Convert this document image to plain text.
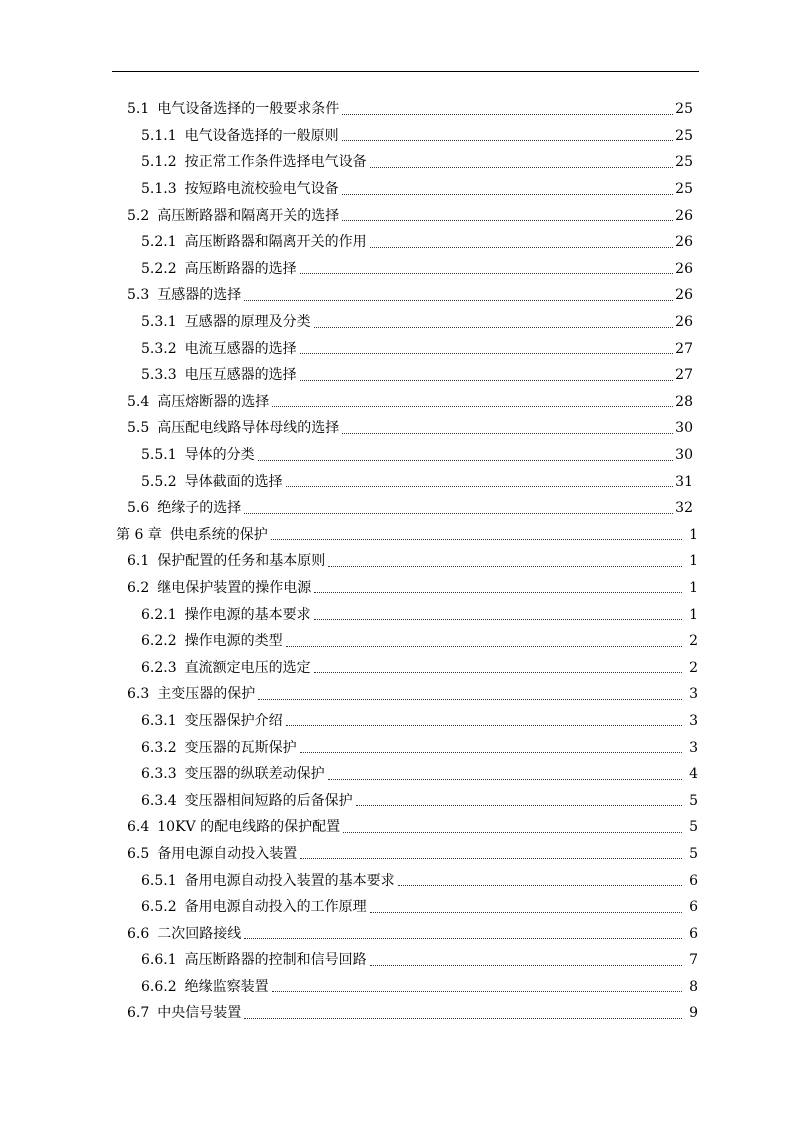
5.1 电气设备选择的一般要求条件	25
5.1.1 电气设备选择的一般原则	25
5.1.2 按正常工作条件选择电气设备	25
5.1.3 按短路电流校验电气设备	25
5.2 高压断路器和隔离开关的选择	26
5.2.1 高压断路器和隔离开关的作用	26
5.2.2 高压断路器的选择	26
5.3 互感器的选择	26
5.3.1 互感器的原理及分类	26
5.3.2 电流互感器的选择	27
5.3.3 电压互感器的选择	27
5.4 高压熔断器的选择	28
5.5 高压配电线路导体母线的选择	30
5.5.1 导体的分类	30
5.5.2 导体截面的选择	31
5.6 绝缘子的选择	32
第 6 章 供电系统的保护	1
6.1 保护配置的任务和基本原则	1
6.2 继电保护装置的操作电源	1
6.2.1 操作电源的基本要求	1
6.2.2 操作电源的类型	2
6.2.3 直流额定电压的选定	2
6.3 主变压器的保护	3
6.3.1 变压器保护介绍	3
6.3.2 变压器的瓦斯保护	3
6.3.3 变压器的纵联差动保护	4
6.3.4 变压器相间短路的后备保护	5
6.4 10KV 的配电线路的保护配置	5
6.5 备用电源自动投入装置	5
6.5.1 备用电源自动投入装置的基本要求	6
6.5.2 备用电源自动投入的工作原理	6
6.6 二次回路接线	6
6.6.1 高压断路器的控制和信号回路	7
6.6.2 绝缘监察装置	8
6.7 中央信号装置	9
